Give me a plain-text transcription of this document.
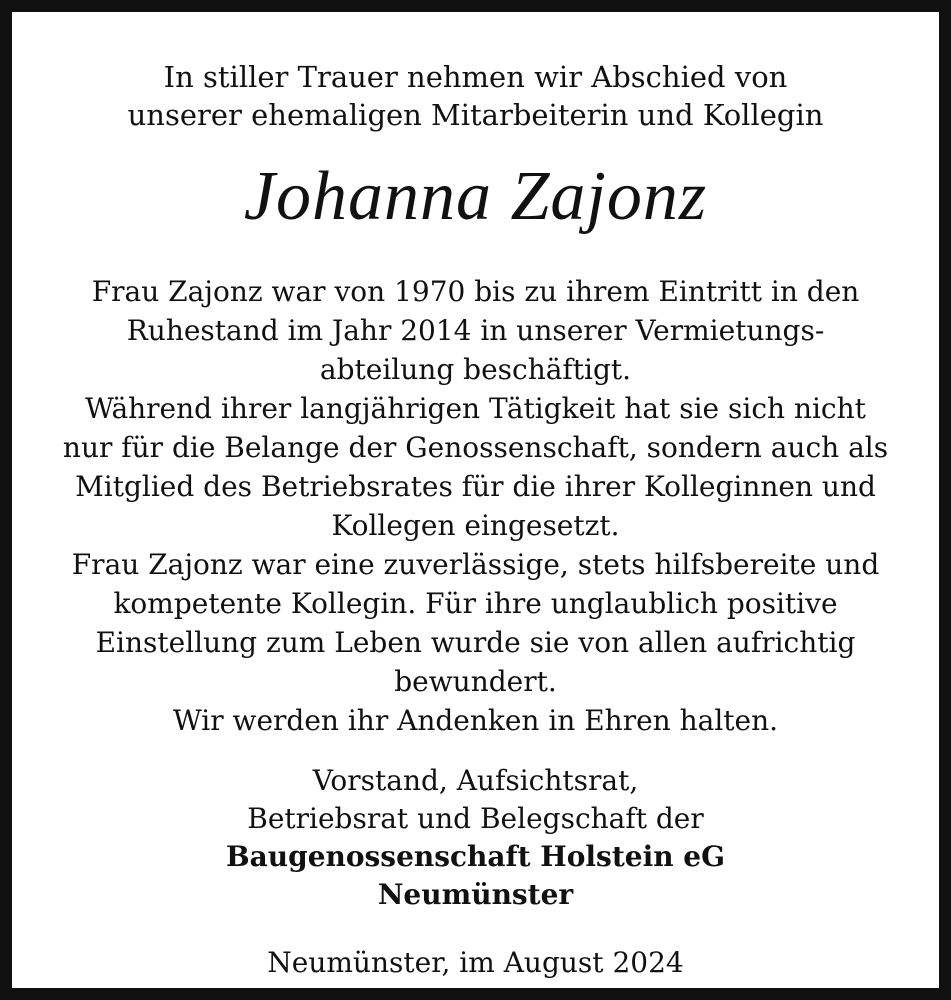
In stiller Trauer nehmen wir Abschied von
unserer ehemaligen Mitarbeiterin und Kollegin
Johanna Zajonz
Frau Zajonz war von 1970 bis zu ihrem Eintritt in den
Ruhestand im Jahr 2014 in unserer Vermietungs-
abteilung beschäftigt.
Während ihrer langjährigen Tätigkeit hat sie sich nicht
nur für die Belange der Genossenschaft, sondern auch als
Mitglied des Betriebsrates für die ihrer Kolleginnen und
Kollegen eingesetzt.
Frau Zajonz war eine zuverlässige, stets hilfsbereite und
kompetente Kollegin. Für ihre unglaublich positive
Einstellung zum Leben wurde sie von allen aufrichtig
bewundert.
Wir werden ihr Andenken in Ehren halten.
Vorstand, Aufsichtsrat,
Betriebsrat und Belegschaft der
Baugenossenschaft Holstein eG
Neumünster
Neumünster, im August 2024
